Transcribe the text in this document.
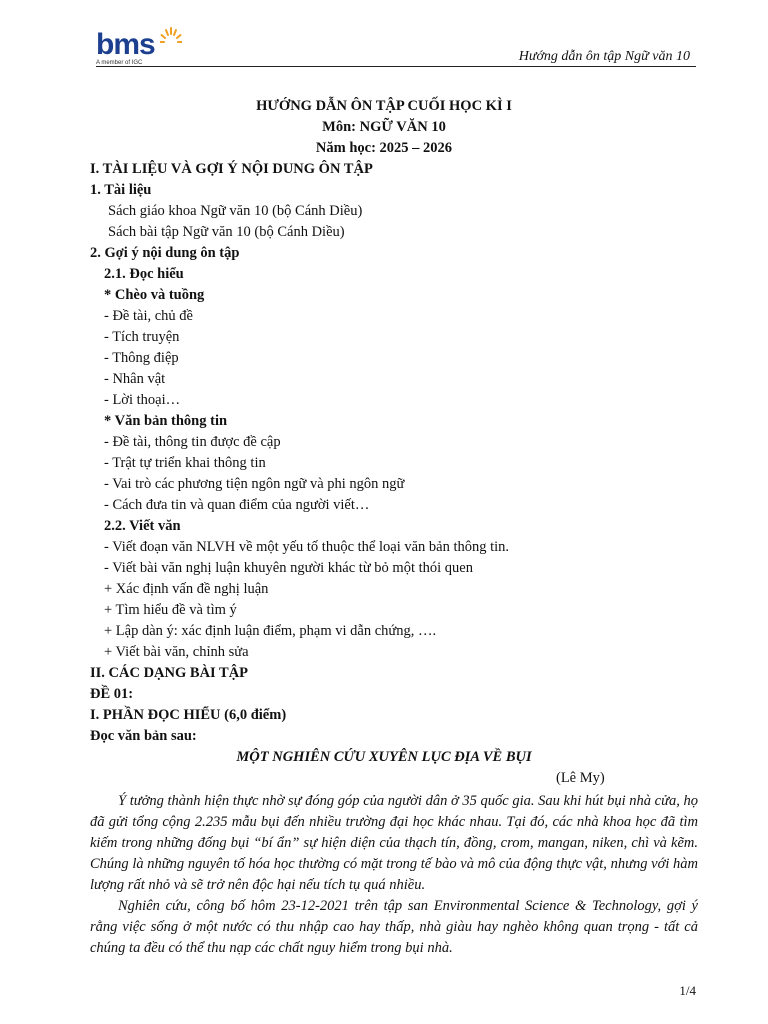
bms
A member of IGC	Hướng dẫn ôn tập Ngữ văn 10
HƯỚNG DẪN ÔN TẬP CUỐI HỌC KÌ I
Môn: NGỮ VĂN 10
Năm học: 2025 – 2026
I. TÀI LIỆU VÀ GỢI Ý NỘI DUNG ÔN TẬP
1. Tài liệu
Sách giáo khoa Ngữ văn 10 (bộ Cánh Diều)
Sách bài tập Ngữ văn 10 (bộ Cánh Diều)
2. Gợi ý nội dung ôn tập
2.1. Đọc hiểu
* Chèo và tuồng
- Đề tài, chủ đề
- Tích truyện
- Thông điệp
- Nhân vật
- Lời thoại…
* Văn bản thông tin
- Đề tài, thông tin được đề cập
- Trật tự triển khai thông tin
- Vai trò các phương tiện ngôn ngữ và phi ngôn ngữ
- Cách đưa tin và quan điểm của người viết…
2.2. Viết văn
- Viết đoạn văn NLVH về một yếu tố thuộc thể loại văn bản thông tin.
- Viết bài văn nghị luận khuyên người khác từ bỏ một thói quen
+ Xác định vấn đề nghị luận
+ Tìm hiểu đề và tìm ý
+ Lập dàn ý: xác định luận điểm, phạm vi dẫn chứng, ….
+ Viết bài văn, chỉnh sửa
II. CÁC DẠNG BÀI TẬP
ĐỀ 01:
I. PHẦN ĐỌC HIỂU (6,0 điểm)
Đọc văn bản sau:
MỘT NGHIÊN CỨU XUYÊN LỤC ĐỊA VỀ BỤI
(Lê My)
Ý tưởng thành hiện thực nhờ sự đóng góp của người dân ở 35 quốc gia. Sau khi hút bụi nhà cửa, họ đã gửi tổng cộng 2.235 mẫu bụi đến nhiều trường đại học khác nhau. Tại đó, các nhà khoa học đã tìm kiếm trong những đống bụi “bí ẩn” sự hiện diện của thạch tín, đồng, crom, mangan, niken, chì và kẽm. Chúng là những nguyên tố hóa học thường có mặt trong tế bào và mô của động thực vật, nhưng với hàm lượng rất nhỏ và sẽ trở nên độc hại nếu tích tụ quá nhiều.
Nghiên cứu, công bố hôm 23-12-2021 trên tập san Environmental Science & Technology, gợi ý rằng việc sống ở một nước có thu nhập cao hay thấp, nhà giàu hay nghèo không quan trọng - tất cả chúng ta đều có thể thu nạp các chất nguy hiểm trong bụi nhà.
1/4
